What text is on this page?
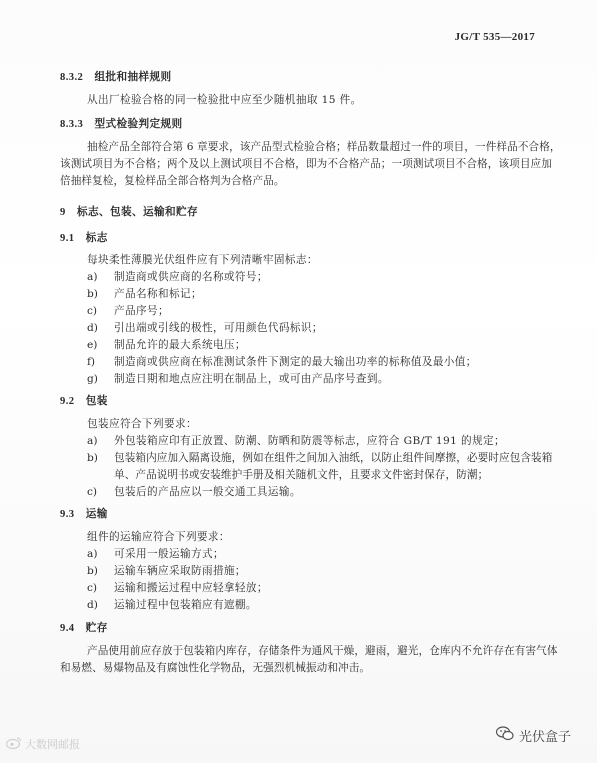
JG/T 535—2017
8.3.2 组批和抽样规则
从出厂检验合格的同一检验批中应至少随机抽取 15 件。
8.3.3 型式检验判定规则
抽检产品全部符合第 6 章要求，该产品型式检验合格；样品数量超过一件的项目，一件样品不合格，
该测试项目为不合格；两个及以上测试项目不合格，即为不合格产品；一项测试项目不合格，该项目应加
倍抽样复检，复检样品全部合格判为合格产品。
9 标志、包装、运输和贮存
9.1 标志
每块柔性薄膜光伏组件应有下列清晰牢固标志：
a) 制造商或供应商的名称或符号；
b) 产品名称和标记；
c) 产品序号；
d) 引出端或引线的极性，可用颜色代码标识；
e) 制品允许的最大系统电压；
f) 制造商或供应商在标准测试条件下测定的最大输出功率的标称值及最小值；
g) 制造日期和地点应注明在制品上，或可由产品序号查到。
9.2 包装
包装应符合下列要求：
a) 外包装箱应印有正放置、防潮、防晒和防震等标志，应符合 GB/T 191 的规定；
b) 包装箱内应加入隔离设施，例如在组件之间加入油纸，以防止组件间摩擦，必要时应包含装箱
单、产品说明书或安装维护手册及相关随机文件，且要求文件密封保存，防潮；
c) 包装后的产品应以一般交通工具运输。
9.3 运输
组件的运输应符合下列要求：
a) 可采用一般运输方式；
b) 运输车辆应采取防雨措施；
c) 运输和搬运过程中应轻拿轻放；
d) 运输过程中包装箱应有遮棚。
9.4 贮存
产品使用前应存放于包装箱内库存，存储条件为通风干燥，避雨，避光，仓库内不允许存在有害气体
和易燃、易爆物品及有腐蚀性化学物品，无强烈机械振动和冲击。
大数网邮报	光伏盒子
